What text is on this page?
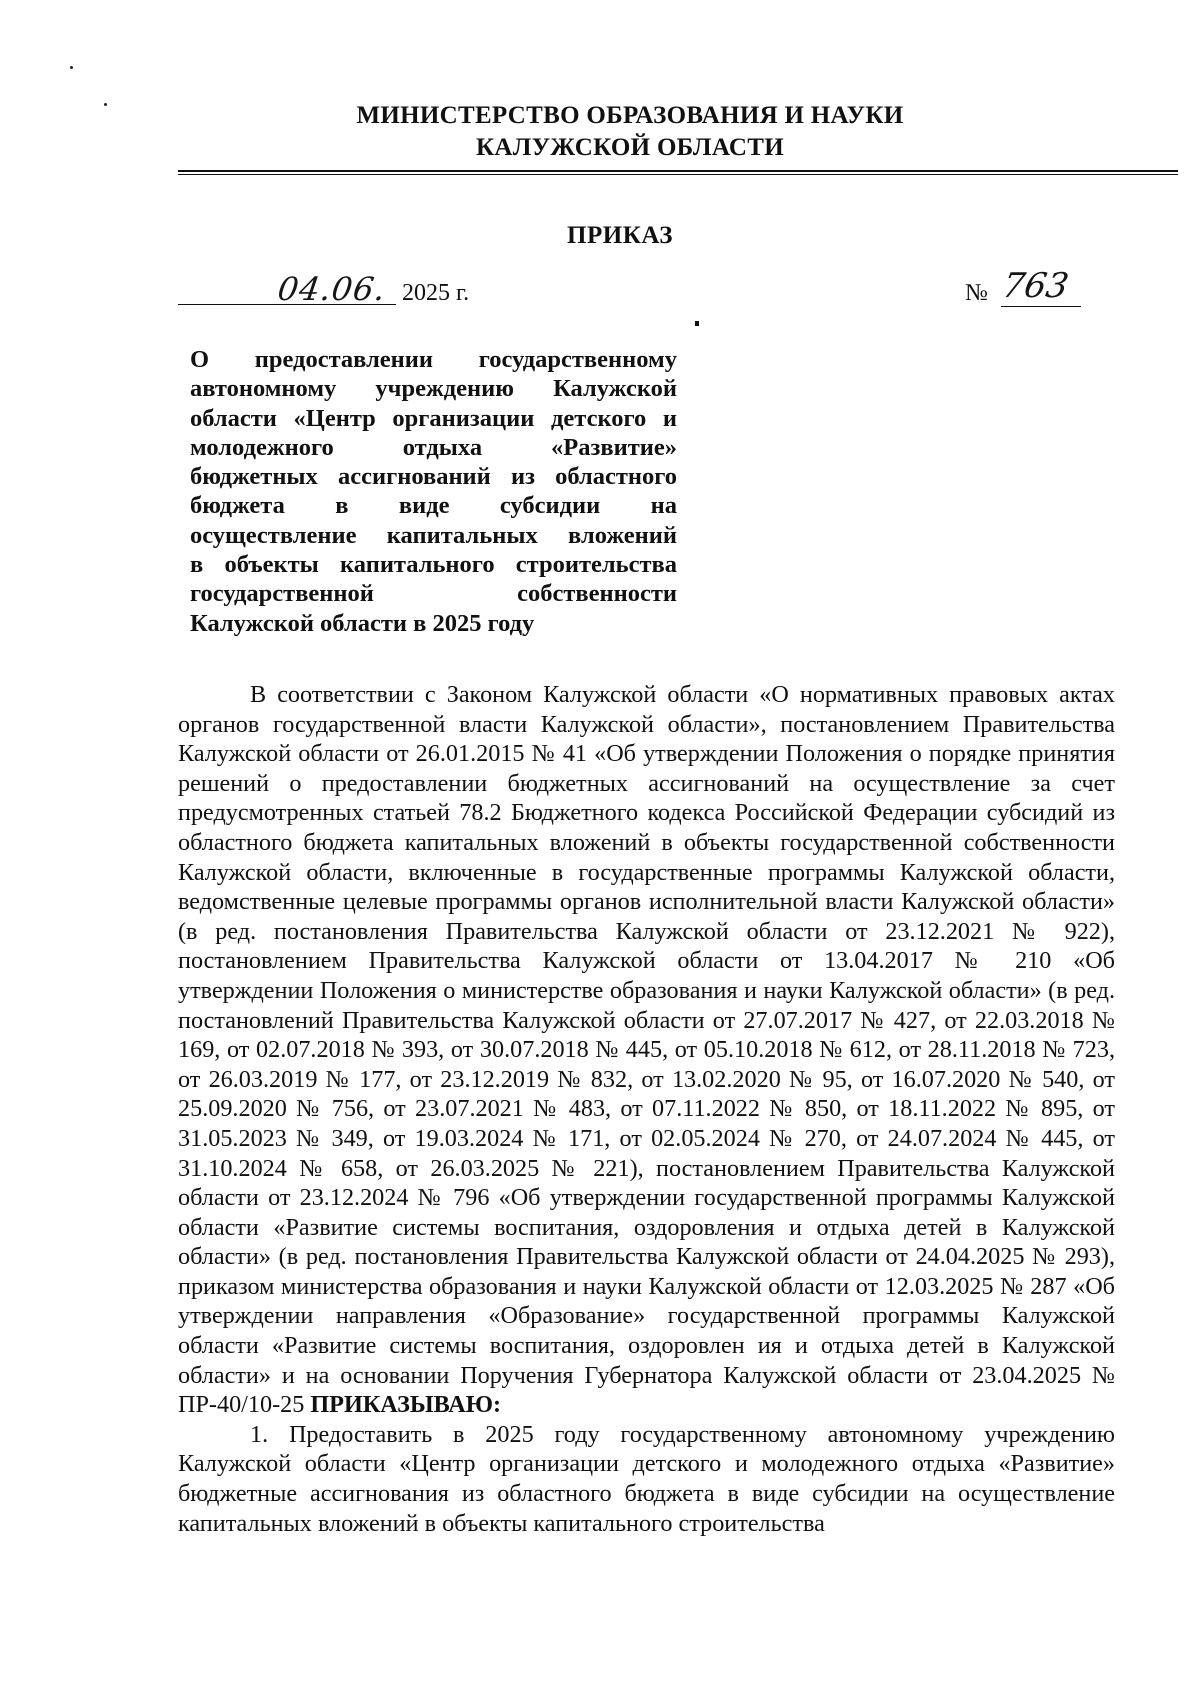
МИНИСТЕРСТВО ОБРАЗОВАНИЯ И НАУКИ
КАЛУЖСКОЙ ОБЛАСТИ
ПРИКАЗ
04.06. 2025 г.	№ 763
О предоставлении государственному
автономному учреждению Калужской
области «Центр организации детского и
молодежного отдыха «Развитие»
бюджетных ассигнований из областного
бюджета в виде субсидии на
осуществление капитальных вложений
в объекты капитального строительства
государственной собственности
Калужской области в 2025 году

В соответствии с Законом Калужской области «О нормативных правовых актах органов государственной власти Калужской области», постановлением Правительства Калужской области от 26.01.2015 № 41 «Об утверждении Положения о порядке принятия решений о предоставлении бюджетных ассигнований на осуществление за счет предусмотренных статьей 78.2 Бюджетного кодекса Российской Федерации субсидий из областного бюджета капитальных вложений в объекты государственной собственности Калужской области, включенные в государственные программы Калужской области, ведомственные целевые программы органов исполнительной власти Калужской области» (в ред. постановления Правительства Калужской области от 23.12.2021 № 922), постановлением Правительства Калужской области от 13.04.2017 № 210 «Об утверждении Положения о министерстве образования и науки Калужской области» (в ред. постановлений Правительства Калужской области от 27.07.2017 № 427, от 22.03.2018 № 169, от 02.07.2018 № 393, от 30.07.2018 № 445, от 05.10.2018 № 612, от 28.11.2018 № 723, от 26.03.2019 № 177, от 23.12.2019 № 832, от 13.02.2020 № 95, от 16.07.2020 № 540, от 25.09.2020 № 756, от 23.07.2021 № 483, от 07.11.2022 № 850, от 18.11.2022 № 895, от 31.05.2023 № 349, от 19.03.2024 № 171, от 02.05.2024 № 270, от 24.07.2024 № 445, от 31.10.2024 № 658, от 26.03.2025 № 221), постановлением Правительства Калужской области от 23.12.2024 № 796 «Об утверждении государственной программы Калужской области «Развитие системы воспитания, оздоровления и отдыха детей в Калужской области» (в ред. постановления Правительства Калужской области от 24.04.2025 № 293), приказом министерства образования и науки Калужской области от 12.03.2025 № 287 «Об утверждении направления «Образование» государственной программы Калужской области «Развитие системы воспитания, оздоровлен ия и отдыха детей в Калужской области» и на основании Поручения Губернатора Калужской области от 23.04.2025 № ПР-40/10-25 ПРИКАЗЫВАЮ:

1. Предоставить в 2025 году государственному автономному учреждению Калужской области «Центр организации детского и молодежного отдыха «Развитие» бюджетные ассигнования из областного бюджета в виде субсидии на осуществление капитальных вложений в объекты капитального строительства
